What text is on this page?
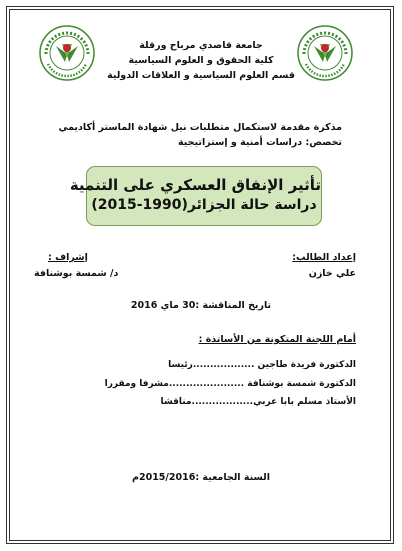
جامعة قاصدي مرباح ورقلة
كلية الحقوق و العلوم السياسية
قسم العلوم السياسية و العلاقات الدولية
مذكرة مقدمة لاستكمال متطلبات نيل شهادة الماستر أكاديمي
تخصص: دراسات أمنية و إستراتيجية
تأثير الإنفاق العسكري على التنمية
دراسة حالة الجزائر(1990-2015)
إعداد الطالب:
إشراف :
علي خازن
د/ شمسة بوشنافة
تاريخ المناقشة :30 ماي 2016
أمام اللجنة المتكونة من الأساتذة :
الدكتورة فريدة طاجين ..................رئيسا
الدكتورة شمسة بوشنافة ......................مشرفا ومقررا
الأستاذ مسلم بابا عربي..................مناقشا
السنة الجامعية :2015/2016م
